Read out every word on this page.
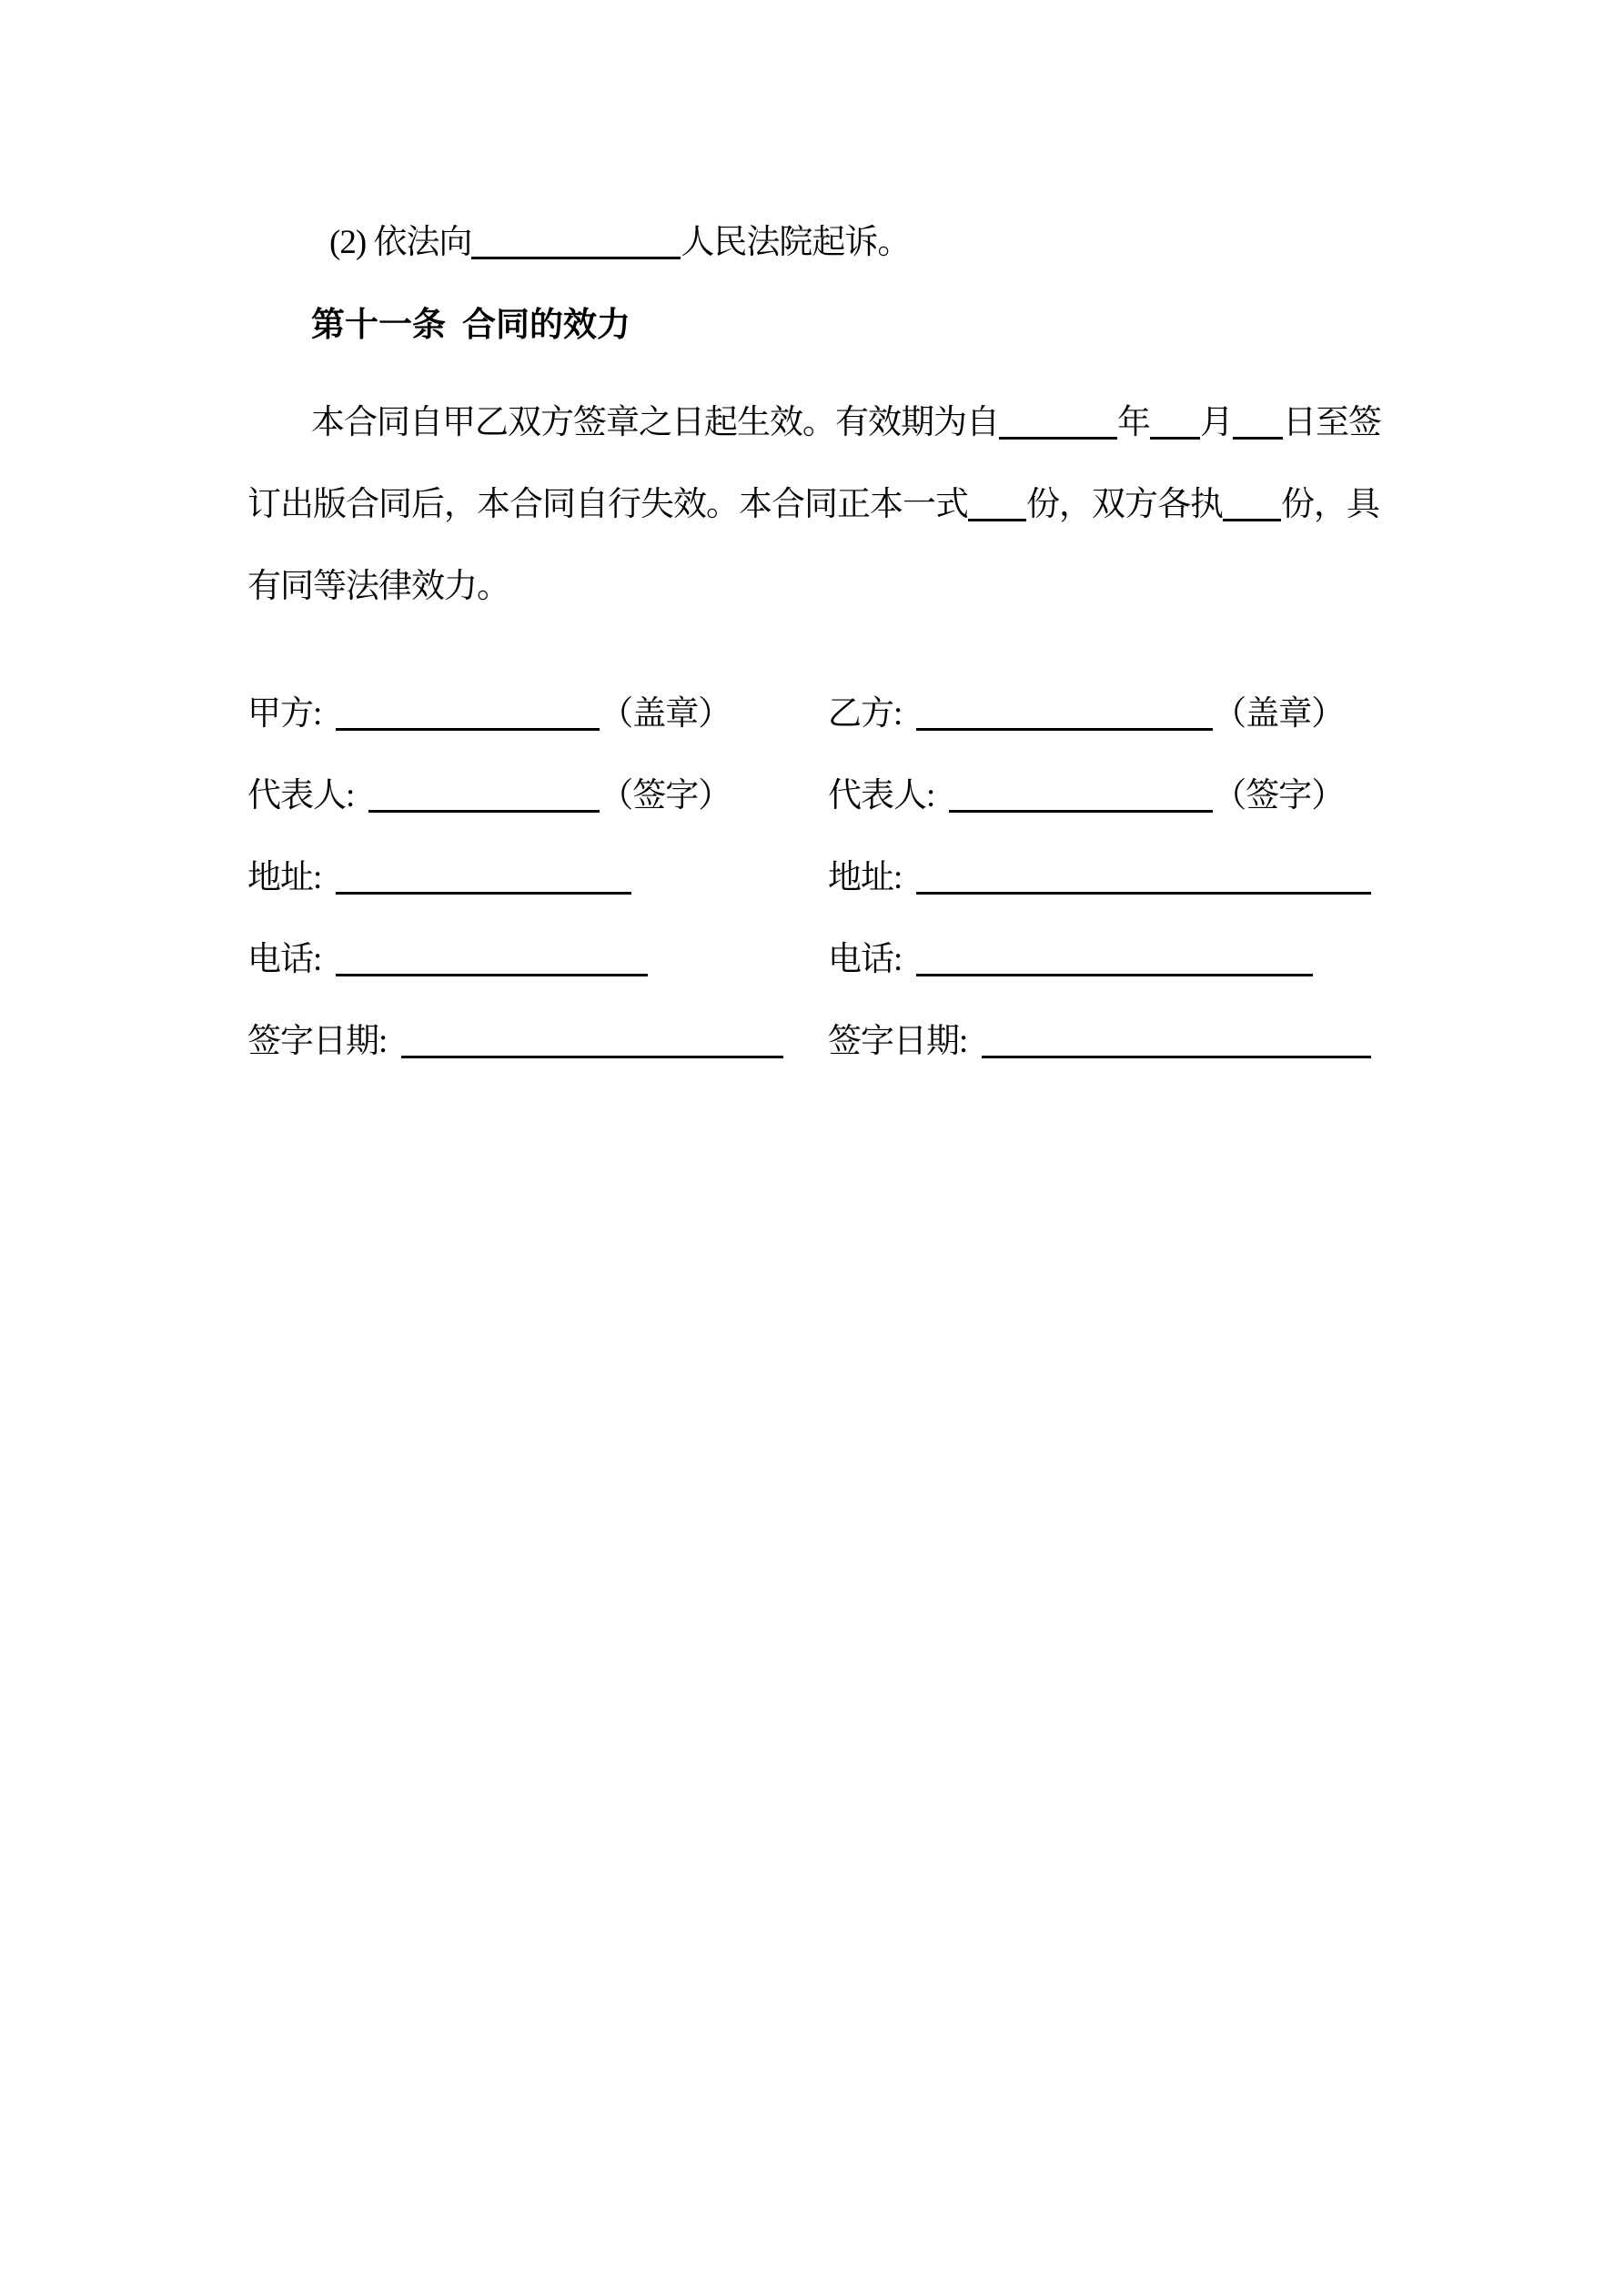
(2) 依法向	人民法院起诉。
第十一条 合同的效力
本合同自甲乙双方签章之日起生效。有效期为自	年 月 日至签
订出版合同后，本合同自行失效。本合同正本一式 份，双方各执 份，具
有同等法律效力。
甲方:	（盖章）	乙方:	（盖章）
代表人:	（签字）	代表人:	（签字）
地址:	地址:
电话:	电话:
签字日期:	签字日期:
